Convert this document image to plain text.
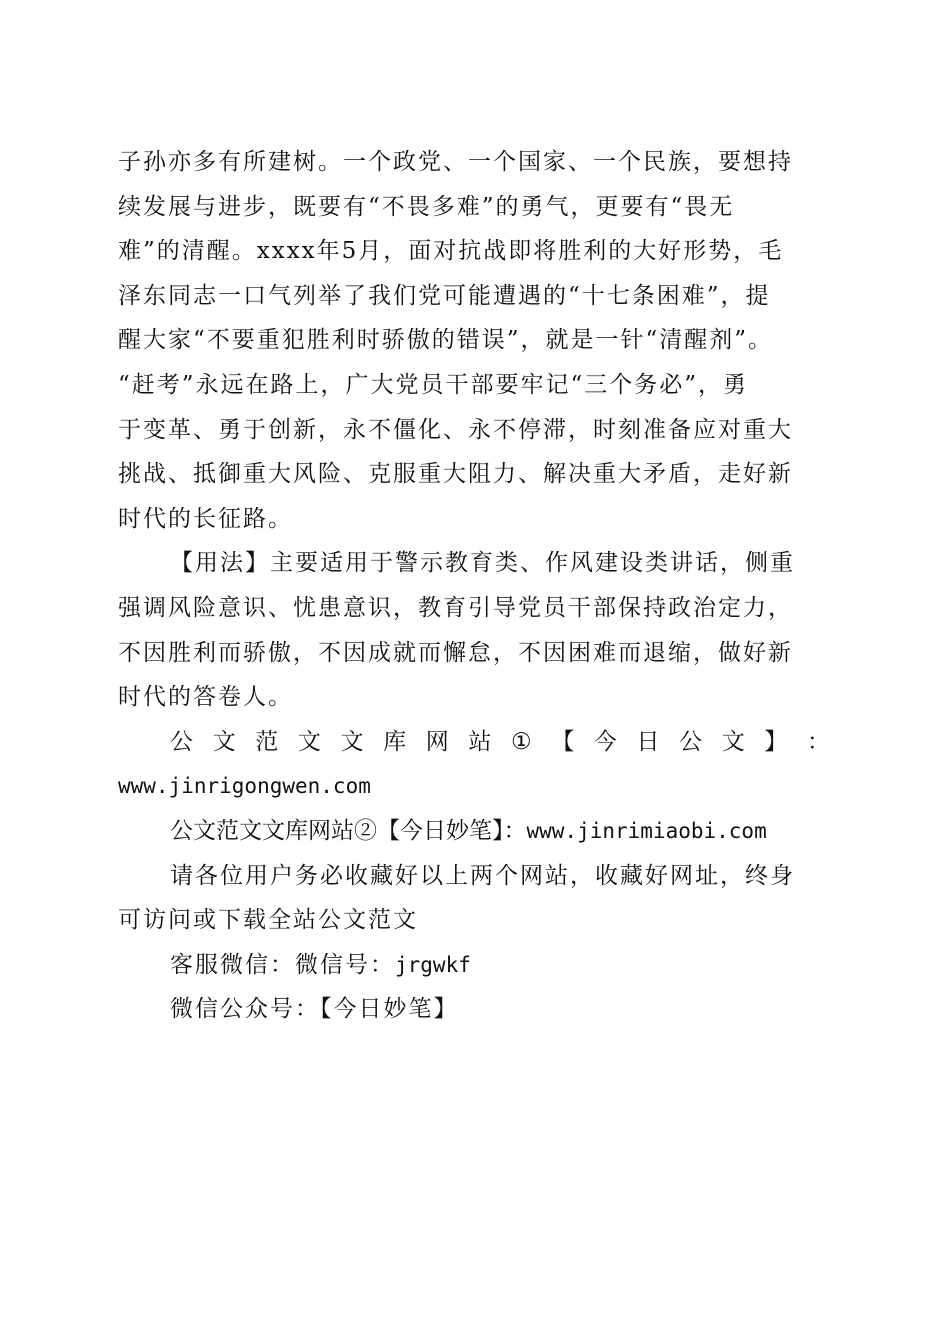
子孙亦多有所建树。一个政党、一个国家、一个民族，要想持
续发展与进步，既要有“不畏多难”的勇气，更要有“畏无
难”的清醒。xxxx年5月，面对抗战即将胜利的大好形势，毛
泽东同志一口气列举了我们党可能遭遇的“十七条困难”，提
醒大家“不要重犯胜利时骄傲的错误”，就是一针“清醒剂”。
“赶考”永远在路上，广大党员干部要牢记“三个务必”，勇
于变革、勇于创新，永不僵化、永不停滞，时刻准备应对重大
挑战、抵御重大风险、克服重大阻力、解决重大矛盾，走好新
时代的长征路。
【用法】主要适用于警示教育类、作风建设类讲话，侧重
强调风险意识、忧患意识，教育引导党员干部保持政治定力，
不因胜利而骄傲，不因成就而懈怠，不因困难而退缩，做好新
时代的答卷人。
公 文 范 文 文 库 网 站 ① 【 今 日 公 文 】 ：
www.jinrigongwen.com
公文范文文库网站②【今日妙笔】：www.jinrimiaobi.com
请各位用户务必收藏好以上两个网站，收藏好网址，终身
可访问或下载全站公文范文
客服微信：微信号：jrgwkf
微信公众号：【今日妙笔】
